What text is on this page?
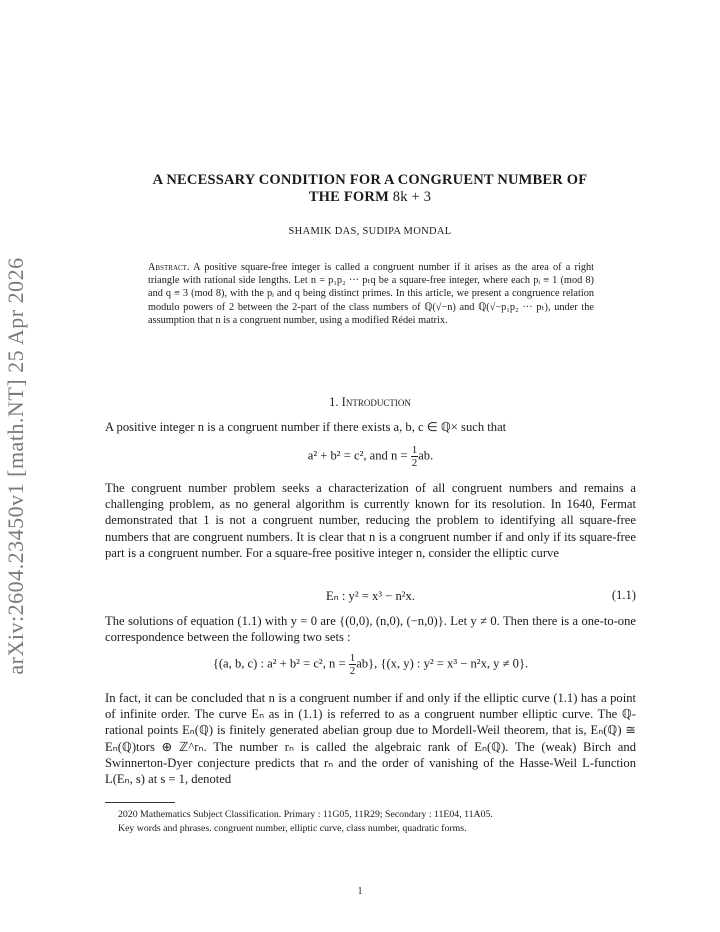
arXiv:2604.23450v1 [math.NT] 25 Apr 2026
A NECESSARY CONDITION FOR A CONGRUENT NUMBER OF
THE FORM 8k + 3
SHAMIK DAS, SUDIPA MONDAL
Abstract. A positive square-free integer is called a congruent number if it arises as the area of a right triangle with rational side lengths. Let n = p₁p₂ ··· pₜq be a square-free integer, where each pᵢ ≡ 1 (mod 8) and q ≡ 3 (mod 8), with the pᵢ and q being distinct primes. In this article, we present a congruence relation modulo powers of 2 between the 2-part of the class numbers of ℚ(√−n) and ℚ(√−p₁p₂ ··· pₜ), under the assumption that n is a congruent number, using a modified Rédei matrix.
1. Introduction
A positive integer n is a congruent number if there exists a, b, c ∈ ℚ× such that
a² + b² = c², and $n = \frac{1}{2}$ ab.
The congruent number problem seeks a characterization of all congruent numbers and remains a challenging problem, as no general algorithm is currently known for its resolution. In 1640, Fermat demonstrated that 1 is not a congruent number, reducing the problem to identifying all square-free numbers that are congruent numbers. It is clear that n is a congruent number if and only if its square-free part is a congruent number. For a square-free positive integer n, consider the elliptic curve
Eₙ : y² = x³ − n²x.	(1.1)
The solutions of equation (1.1) with y = 0 are {(0,0), (n,0), (−n,0)}. Let y ≠ 0. Then there is a one-to-one correspondence between the following two sets :
{(a, b, c) : a² + b² = c², $n = \frac{1}{2} ab$}, {(x, y) : y² = x³ − n²x, y ≠ 0}.
In fact, it can be concluded that n is a congruent number if and only if the elliptic curve (1.1) has a point of infinite order. The curve Eₙ as in (1.1) is referred to as a congruent number elliptic curve. The ℚ-rational points Eₙ(ℚ) is finitely generated abelian group due to Mordell-Weil theorem, that is, Eₙ(ℚ) ≅ Eₙ(ℚ)tors ⊕ ℤ^rₙ. The number rₙ is called the algebraic rank of Eₙ(ℚ). The (weak) Birch and Swinnerton-Dyer conjecture predicts that rₙ and the order of vanishing of the Hasse-Weil L-function L(Eₙ, s) at s = 1, denoted
2020 Mathematics Subject Classification. Primary : 11G05, 11R29; Secondary : 11E04, 11A05.
Key words and phrases. congruent number, elliptic curve, class number, quadratic forms.
1
